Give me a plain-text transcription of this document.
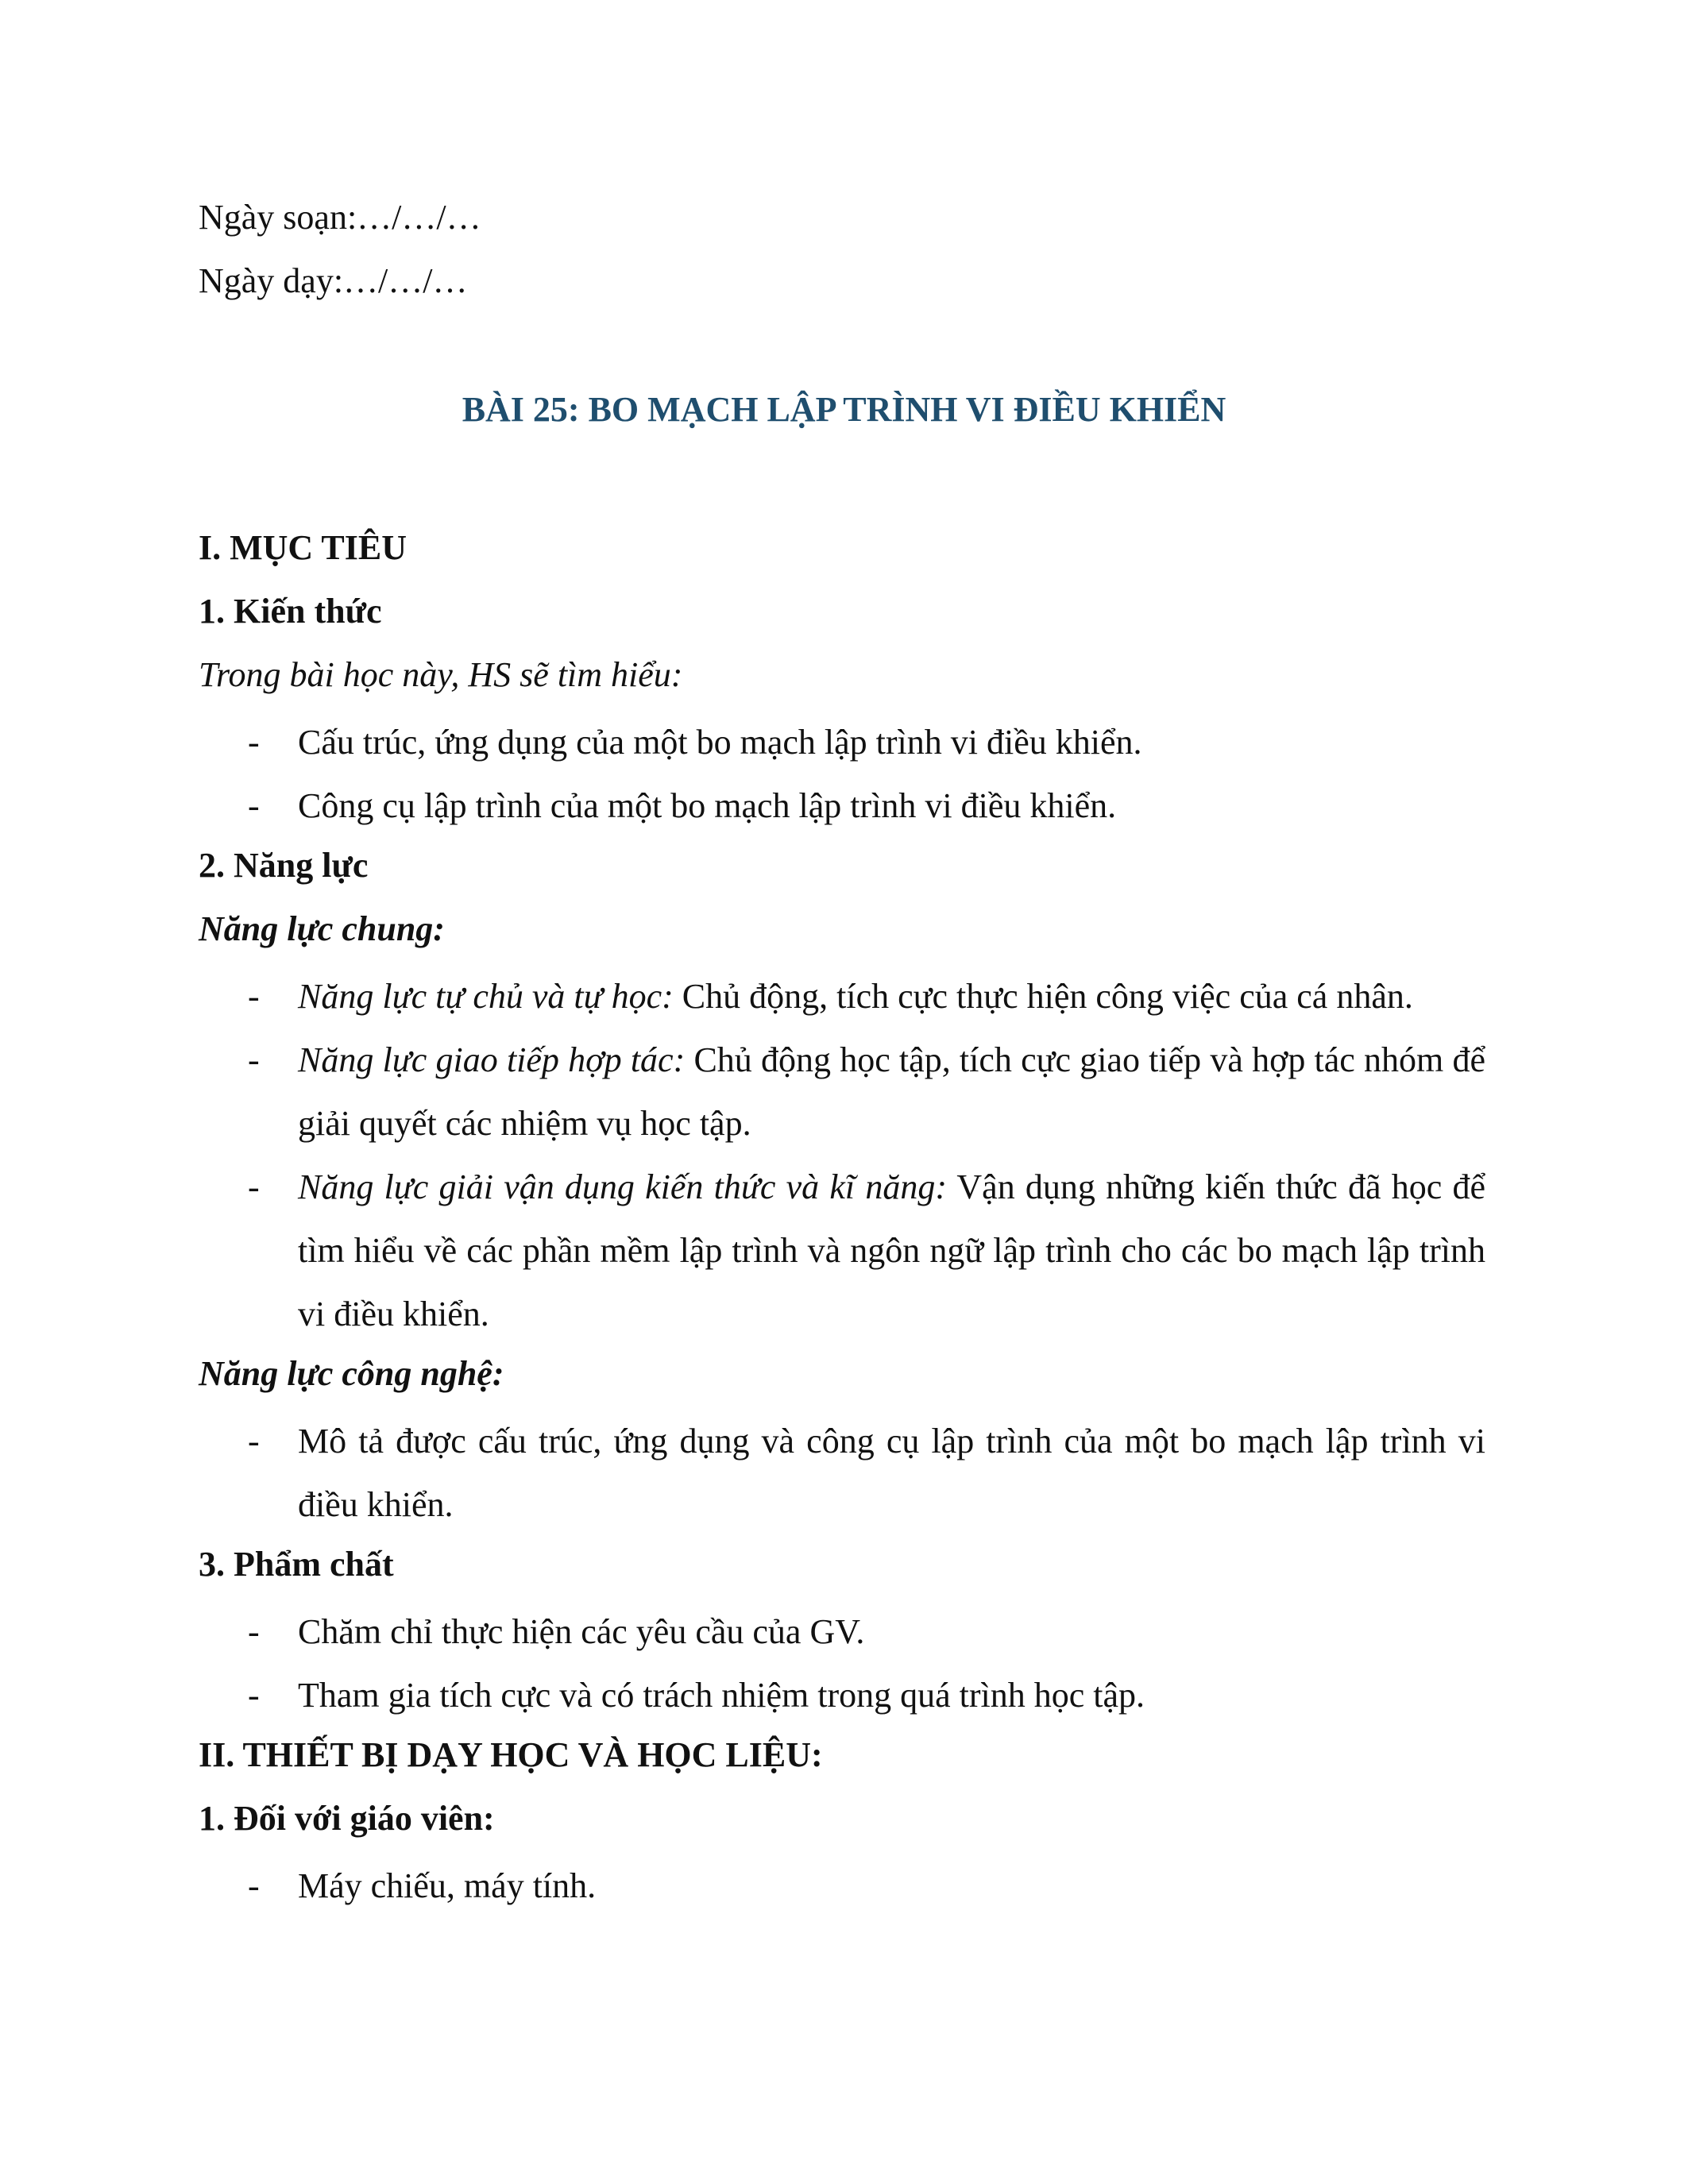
Ngày soạn:…/…/…
Ngày dạy:…/…/…
BÀI 25: BO MẠCH LẬP TRÌNH VI ĐIỀU KHIỂN
I. MỤC TIÊU
1. Kiến thức
Trong bài học này, HS sẽ tìm hiểu:
- Cấu trúc, ứng dụng của một bo mạch lập trình vi điều khiển.
- Công cụ lập trình của một bo mạch lập trình vi điều khiển.
2. Năng lực
Năng lực chung:
- Năng lực tự chủ và tự học: Chủ động, tích cực thực hiện công việc của cá nhân.
- Năng lực giao tiếp hợp tác: Chủ động học tập, tích cực giao tiếp và hợp tác nhóm để giải quyết các nhiệm vụ học tập.
- Năng lực giải vận dụng kiến thức và kĩ năng: Vận dụng những kiến thức đã học để tìm hiểu về các phần mềm lập trình và ngôn ngữ lập trình cho các bo mạch lập trình vi điều khiển.
Năng lực công nghệ:
- Mô tả được cấu trúc, ứng dụng và công cụ lập trình của một bo mạch lập trình vi điều khiển.
3. Phẩm chất
- Chăm chỉ thực hiện các yêu cầu của GV.
- Tham gia tích cực và có trách nhiệm trong quá trình học tập.
II. THIẾT BỊ DẠY HỌC VÀ HỌC LIỆU:
1. Đối với giáo viên:
- Máy chiếu, máy tính.
